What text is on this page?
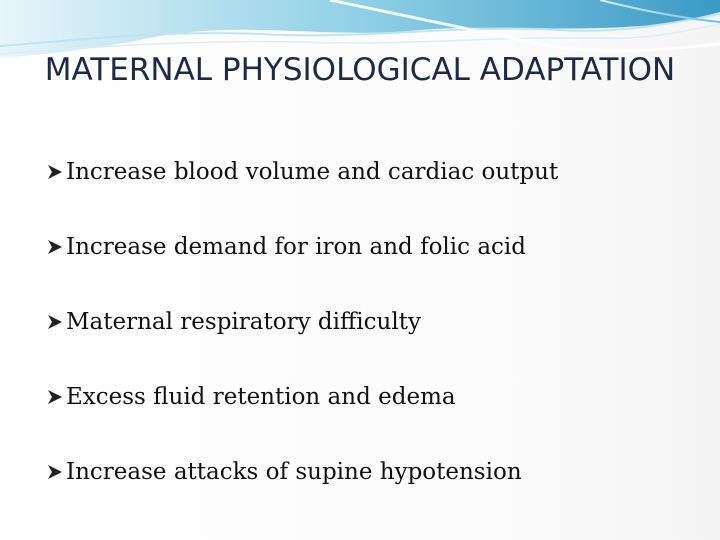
MATERNAL PHYSIOLOGICAL ADAPTATION
Increase blood volume and cardiac output
Increase demand for iron and folic acid
Maternal respiratory difficulty
Excess fluid retention and edema
Increase attacks of supine hypotension
